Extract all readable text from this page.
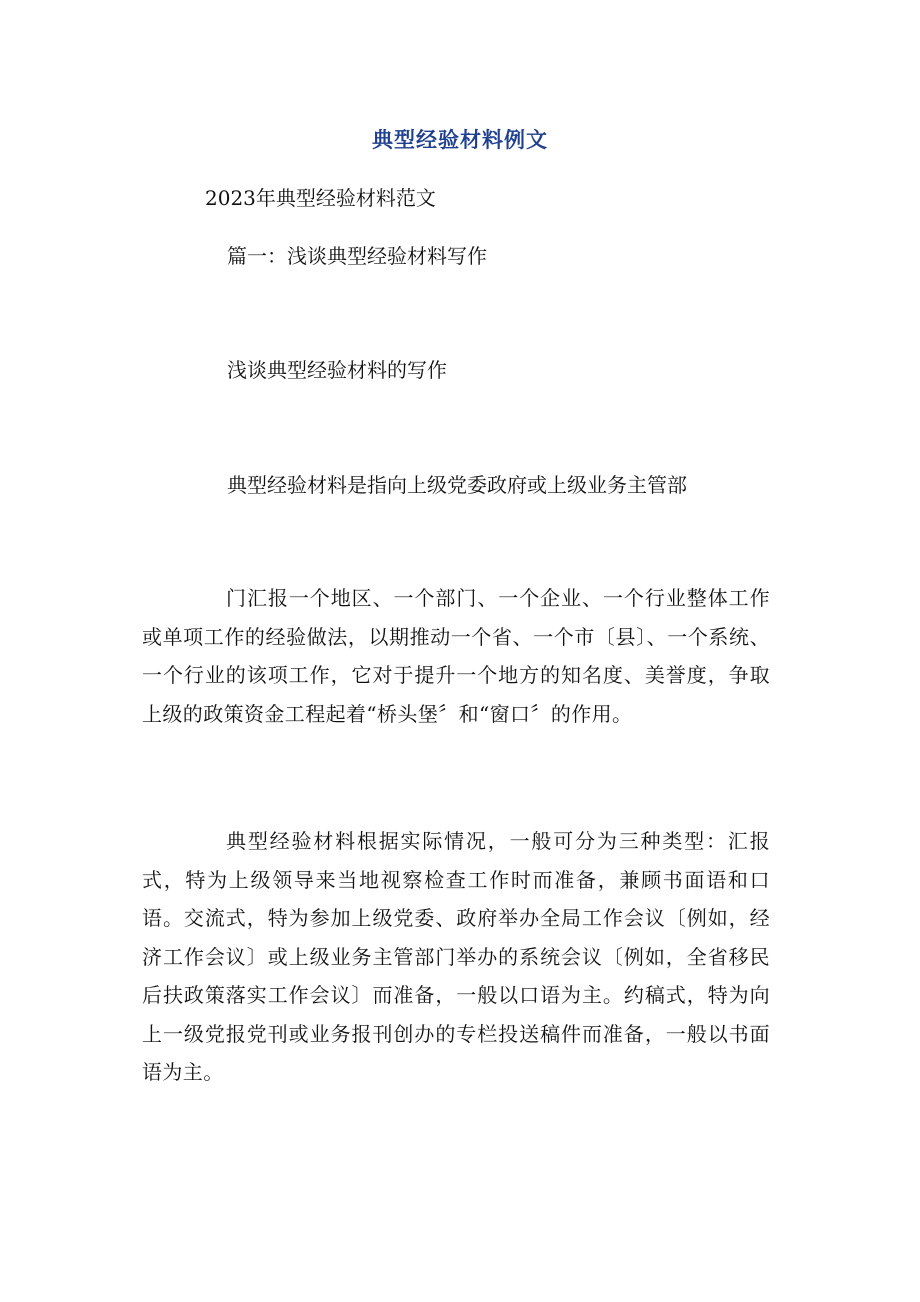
典型经验材料例文
2023年典型经验材料范文
篇一：浅谈典型经验材料写作
浅谈典型经验材料的写作
典型经验材料是指向上级党委政府或上级业务主管部
门汇报一个地区、一个部门、一个企业、一个行业整体工作或单项工作的经验做法，以期推动一个省、一个市〔县〕、一个系统、一个行业的该项工作，它对于提升一个地方的知名度、美誉度，争取上级的政策资金工程起着“桥头堡〞和“窗口〞的作用。
典型经验材料根据实际情况，一般可分为三种类型：汇报式，特为上级领导来当地视察检查工作时而准备，兼顾书面语和口语。交流式，特为参加上级党委、政府举办全局工作会议〔例如，经济工作会议〕或上级业务主管部门举办的系统会议〔例如，全省移民后扶政策落实工作会议〕而准备，一般以口语为主。约稿式，特为向上一级党报党刊或业务报刊创办的专栏投送稿件而准备，一般以书面语为主。
